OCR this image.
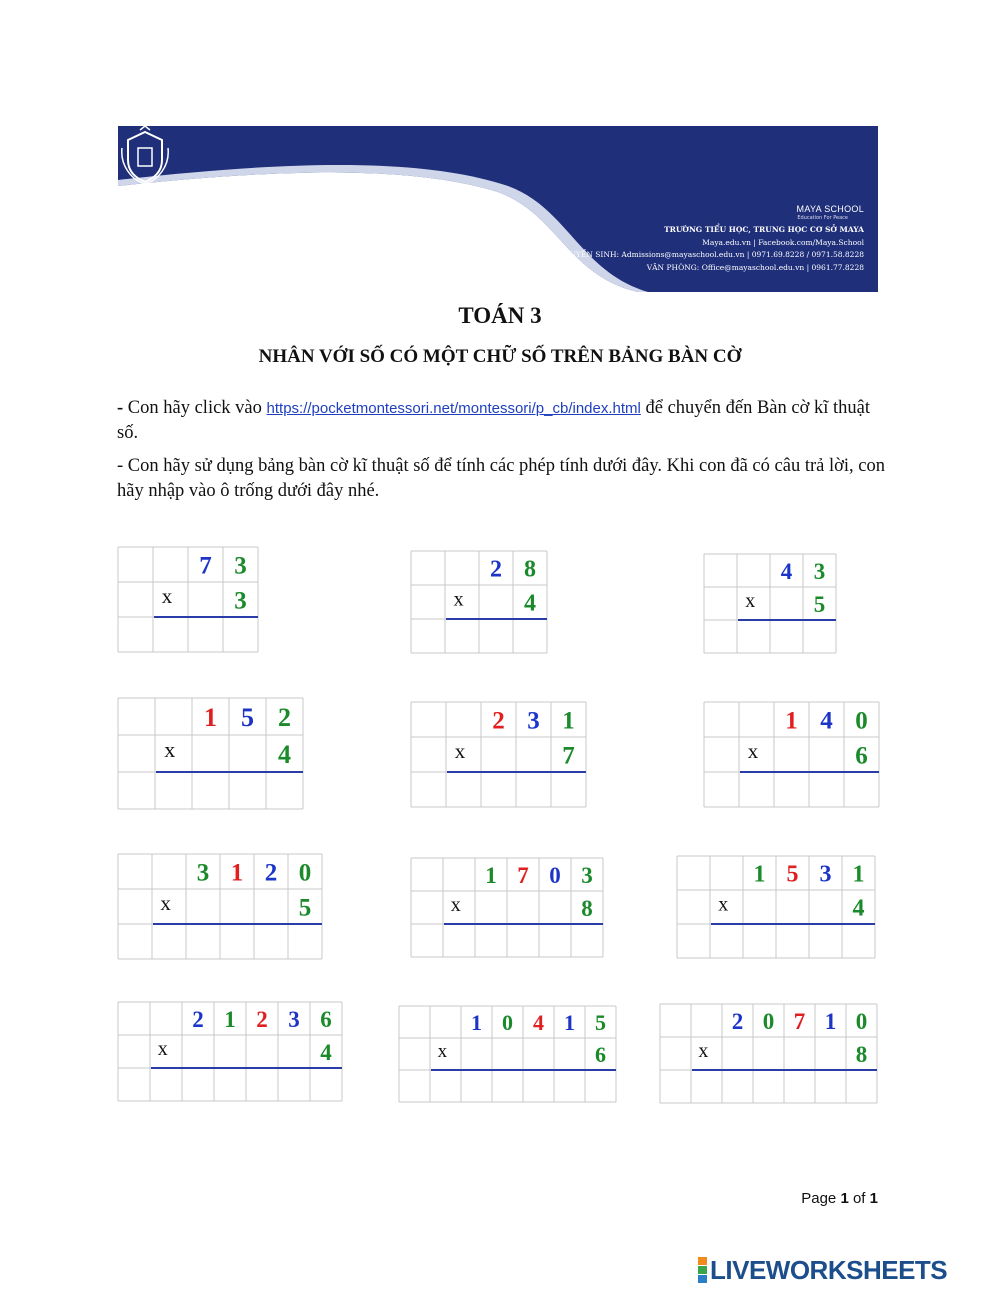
MAYA SCHOOL
Education For Peace
TRƯỜNG TIỂU HỌC, TRUNG HỌC CƠ SỞ MAYA
Maya.edu.vn | Facebook.com/Maya.School
TUYỂN SINH: Admissions@mayaschool.edu.vn | 0971.69.8228 / 0971.58.8228
VĂN PHÒNG: Office@mayaschool.edu.vn | 0961.77.8228
TOÁN 3
NHÂN VỚI SỐ CÓ MỘT CHỮ SỐ TRÊN BẢNG BÀN CỜ
- Con hãy click vào https://pocketmontessori.net/montessori/p_cb/index.html để chuyển đến Bàn cờ kĩ thuật số.
- Con hãy sử dụng bảng bàn cờ kĩ thuật số để tính các phép tính dưới đây. Khi con đã có câu trả lời, con hãy nhập vào ô trống dưới đây nhé.
7 3
x 3
2 8
x	4
4 3
x	5
1 5 2
x	4
2 3 1
x	7
1 4 0
x	6
3 1 2 0
x	5
1 7 0 3
x	8
1 5 3 1
x	4
2 1 2 3 6
x	4
1 0 4 1 5
x	6
2 0 7 1 0
x	8
Page 1 of 1
LIVEWORKSHEETS
